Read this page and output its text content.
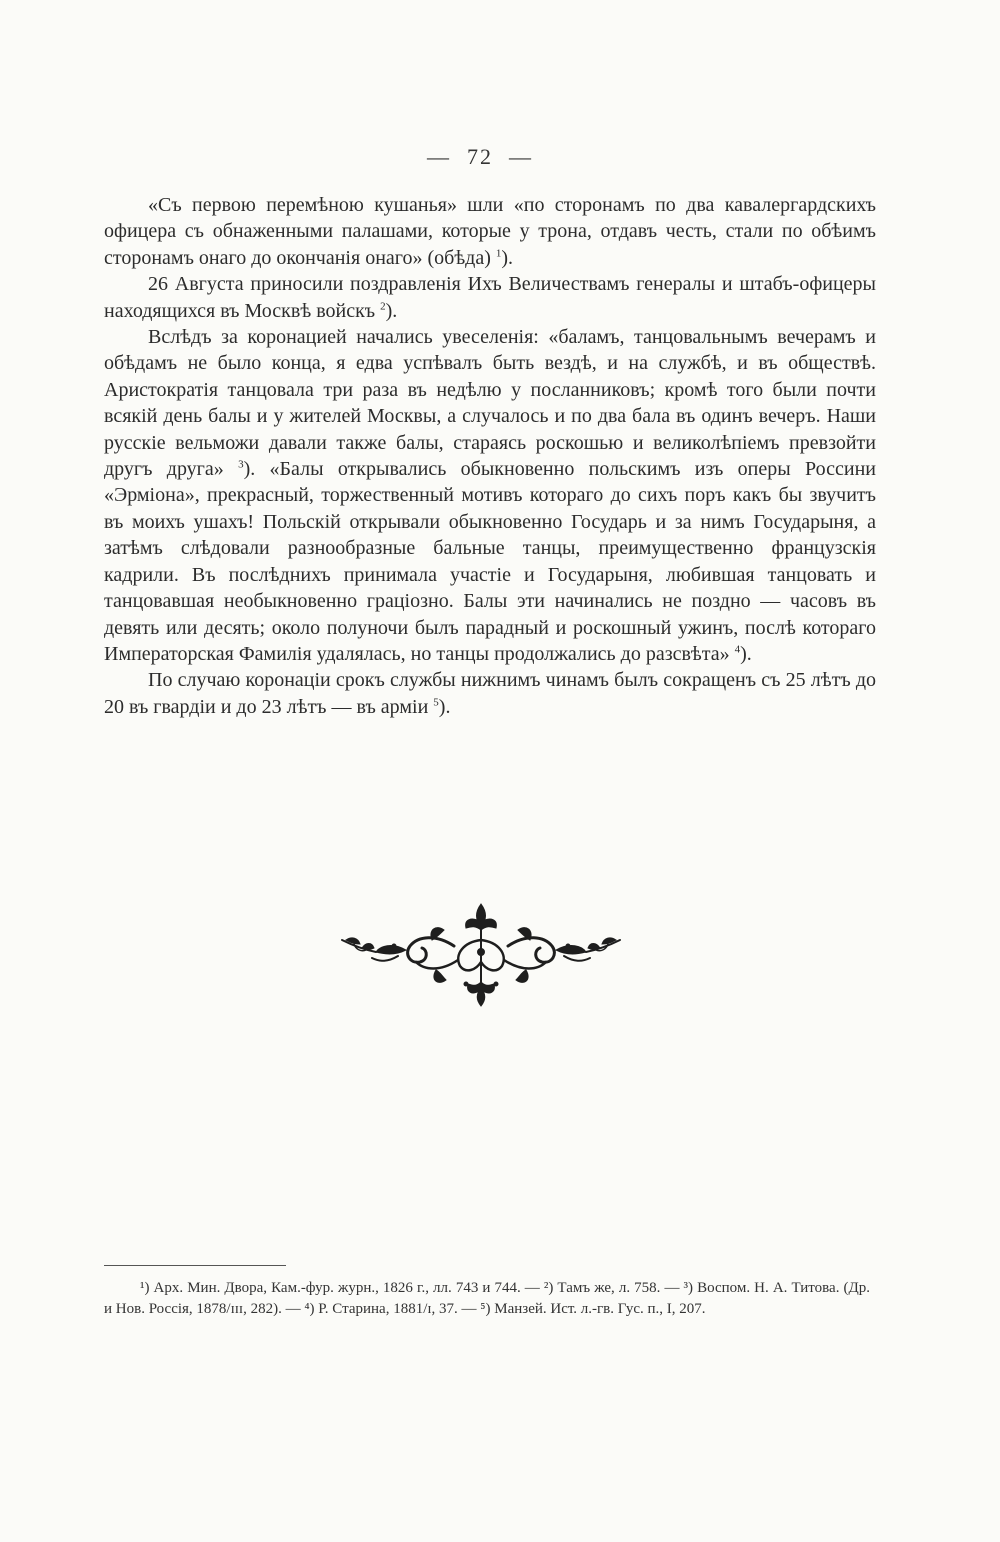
— 72 —

«Съ первою перемѣною кушанья» шли «по сторонамъ по два кавалергардскихъ офицера съ обнаженными палашами, которые у трона, отдавъ честь, стали по обѣимъ сторонамъ онаго до окончанія онаго» (обѣда) $^1$).

26 Августа приносили поздравленія Ихъ Величествамъ генералы и штабъ-офицеры находящихся въ Москвѣ войскъ $^2$).

Вслѣдъ за коронацией начались увеселенія: «баламъ, танцовальнымъ вечерамъ и обѣдамъ не было конца, я едва успѣвалъ быть вездѣ, и на службѣ, и въ обществѣ. Аристократія танцовала три раза въ недѣлю у посланниковъ; кромѣ того были почти всякій день балы и у жителей Москвы, а случалось и по два бала въ одинъ вечеръ. Наши русскіе вельможи давали также балы, стараясь роскошью и великолѣпіемъ превзойти другъ друга» $^3$). «Балы открывались обыкновенно польскимъ изъ оперы Россини «Эрміона», прекрасный, торжественный мотивъ котораго до сихъ поръ какъ бы звучитъ въ моихъ ушахъ! Польскій открывали обыкновенно Государь и за нимъ Государыня, а затѣмъ слѣдовали разнообразные бальные танцы, преимущественно французскія кадрили. Въ послѣднихъ принимала участіе и Государыня, любившая танцовать и танцовавшая необыкновенно граціозно. Балы эти начинались не поздно — часовъ въ девять или десять; около полуночи былъ парадный и роскошный ужинъ, послѣ котораго Императорская Фамилія удалялась, но танцы продолжались до разсвѣта» $^4$).

По случаю коронаціи срокъ службы нижнимъ чинамъ былъ сокращенъ съ 25 лѣтъ до 20 въ гвардіи и до 23 лѣтъ — въ арміи $^5$).

¹) Арх. Мин. Двора, Кам.-фур. журн., 1826 г., лл. 743 и 744. — ²) Тамъ же, л. 758. — ³) Воспом. Н. А. Титова. (Др. и Нов. Россія, 1878/ɪɪɪ, 282). — ⁴) Р. Старина, 1881/ɪ, 37. — ⁵) Манзей. Ист. л.-гв. Гус. п., I, 207.
